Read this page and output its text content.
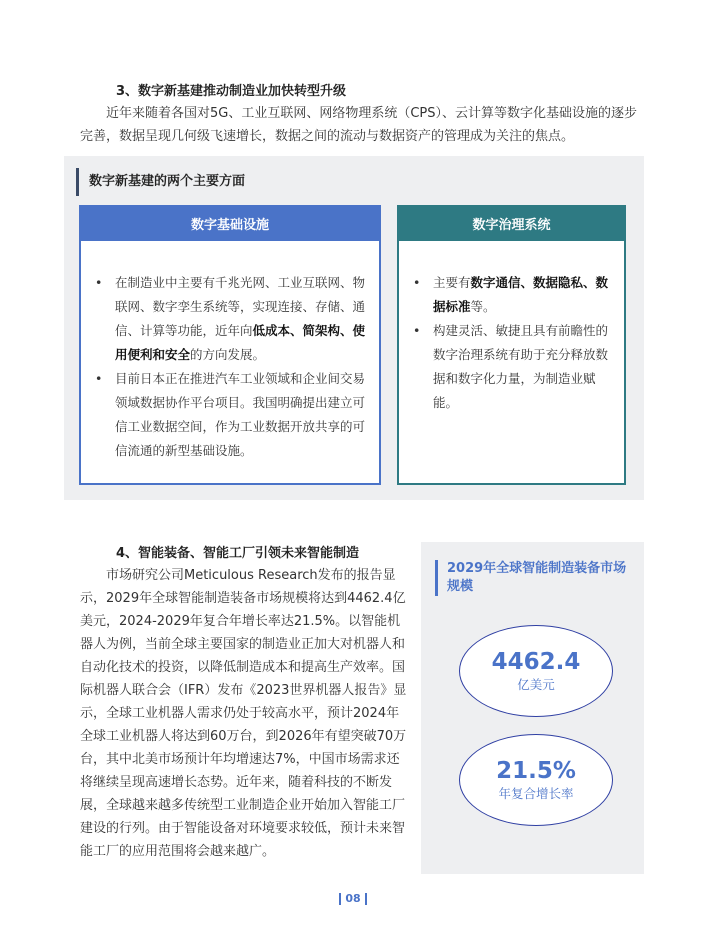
3、数字新基建推动制造业加快转型升级

近年来随着各国对5G、工业互联网、网络物理系统（CPS）、云计算等数字化基础设施的逐步完善，数据呈现几何级飞速增长，数据之间的流动与数据资产的管理成为关注的焦点。

数字新基建的两个主要方面
数字基础设施	数字治理系统
• 在制造业中主要有千兆光网、工业互联网、物联网、数字孪生系统等，实现连接、存储、通信、计算等功能，近年向低成本、简架构、使用便利和安全的方向发展。
• 目前日本正在推进汽车工业领域和企业间交易领域数据协作平台项目。我国明确提出建立可信工业数据空间，作为工业数据开放共享的可信流通的新型基础设施。
• 主要有数字通信、数据隐私、数据标准等。
• 构建灵活、敏捷且具有前瞻性的数字治理系统有助于充分释放数据和数字化力量，为制造业赋能。
4、智能装备、智能工厂引领未来智能制造

市场研究公司Meticulous Research发布的报告显示，2029年全球智能制造装备市场规模将达到4462.4亿美元，2024-2029年复合年增长率达21.5%。以智能机器人为例，当前全球主要国家的制造业正加大对机器人和自动化技术的投资，以降低制造成本和提高生产效率。国际机器人联合会（IFR）发布《2023世界机器人报告》显示，全球工业机器人需求仍处于较高水平，预计2024年全球工业机器人将达到60万台，到2026年有望突破70万台，其中北美市场预计年均增速达7%，中国市场需求还将继续呈现高速增长态势。近年来，随着科技的不断发展，全球越来越多传统型工业制造企业开始加入智能工厂建设的行列。由于智能设备对环境要求较低，预计未来智能工厂的应用范围将会越来越广。

2029年全球智能制造装备市场规模
4462.4
亿美元
21.5%
年复合增长率
08
